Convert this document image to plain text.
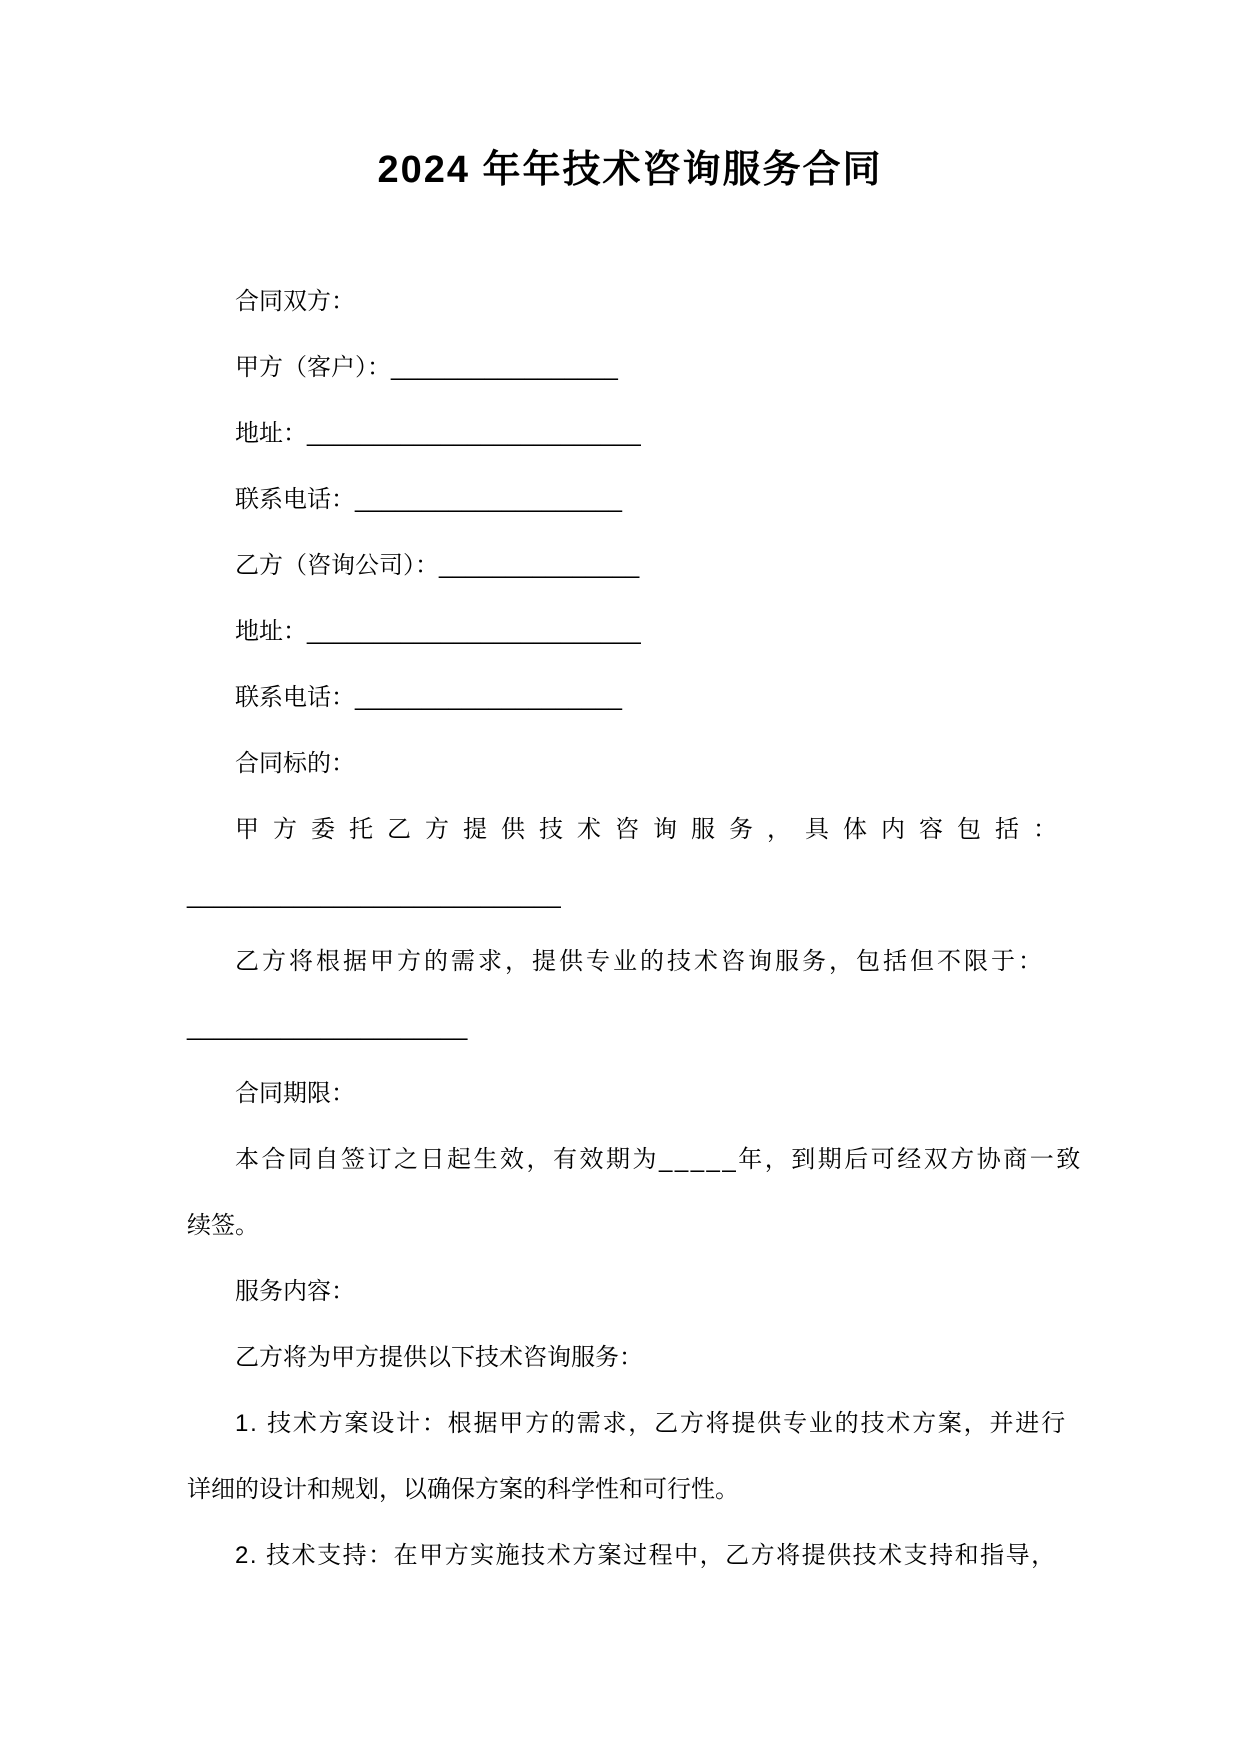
2024 年年技术咨询服务合同
合同双方：
甲方（客户）：_________________
地址：_________________________
联系电话：____________________
乙方（咨询公司）：_______________
地址：_________________________
联系电话：____________________
合同标的：
甲方委托乙方提供技术咨询服务，具体内容包括：
____________________________
乙方将根据甲方的需求，提供专业的技术咨询服务，包括但不限于：
_____________________
合同期限：
本合同自签订之日起生效，有效期为_____年，到期后可经双方协商一致
续签。
服务内容：
乙方将为甲方提供以下技术咨询服务：
1. 技术方案设计：根据甲方的需求，乙方将提供专业的技术方案，并进行
详细的设计和规划，以确保方案的科学性和可行性。
2. 技术支持：在甲方实施技术方案过程中，乙方将提供技术支持和指导，
